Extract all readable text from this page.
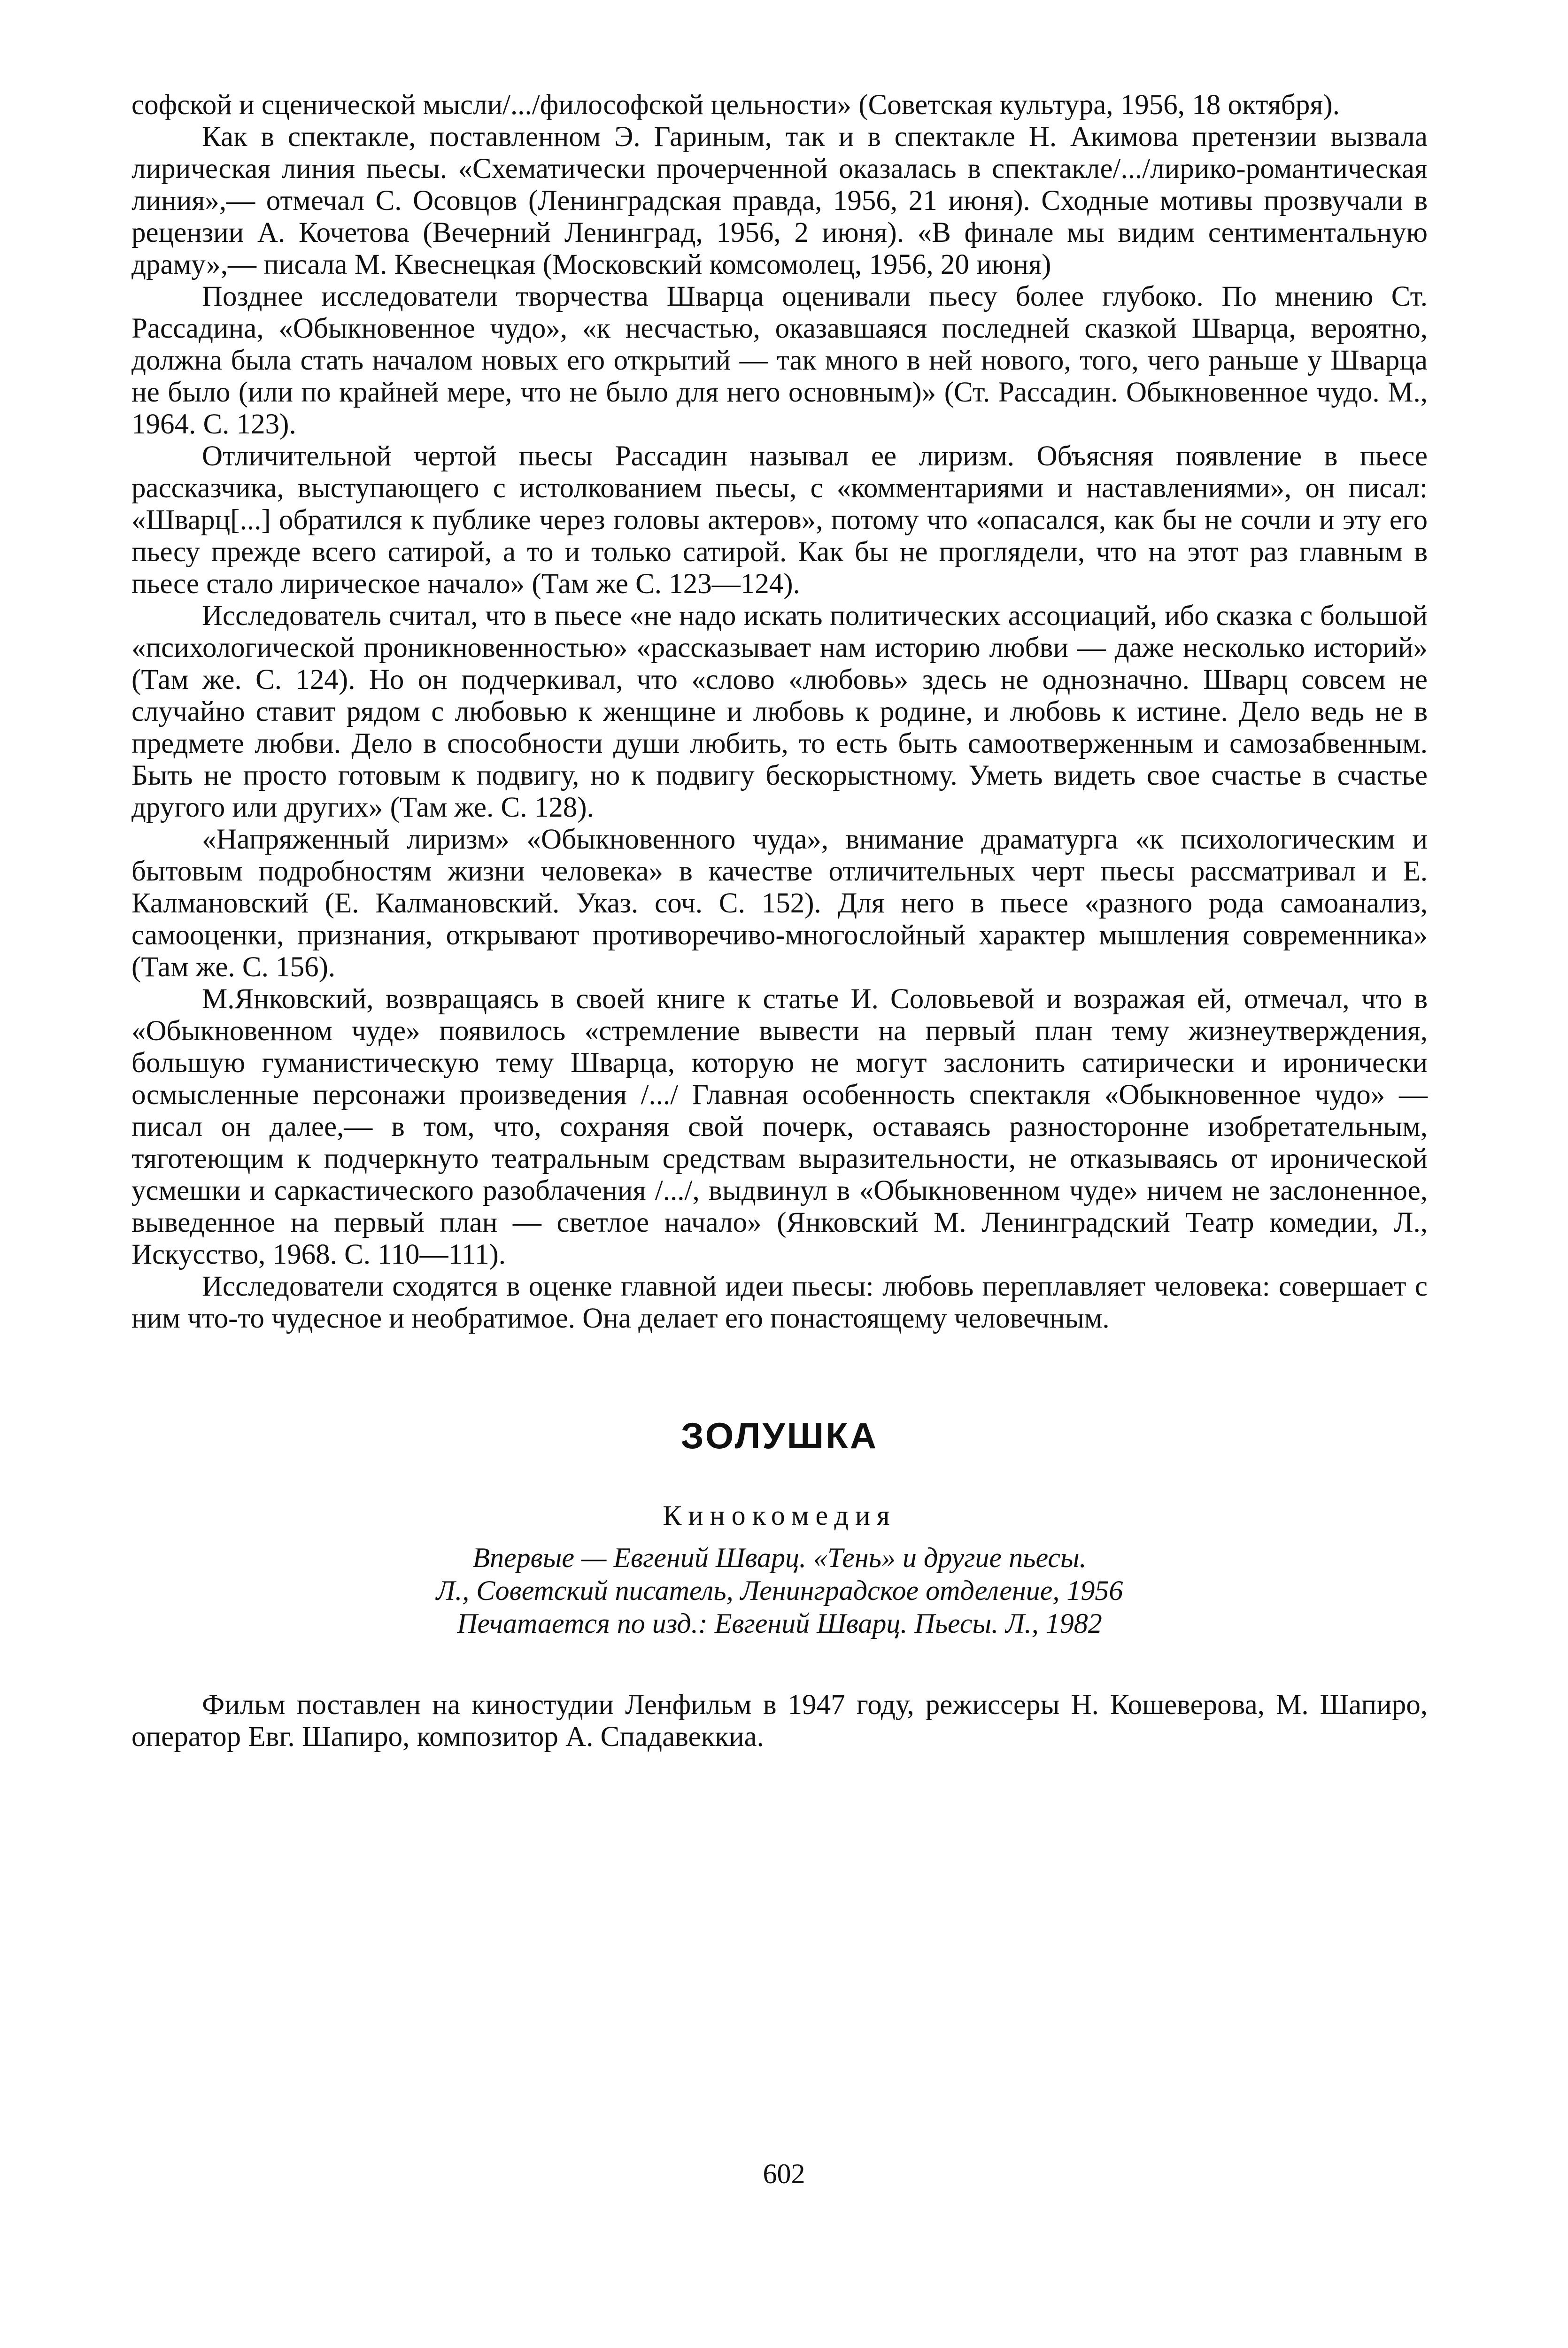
софской и сценической мысли/.../философской цельности» (Советская культура, 1956, 18 октября).

Как в спектакле, поставленном Э. Гариным, так и в спектакле Н. Акимова претензии вызвала лирическая линия пьесы. «Схематически прочерченной оказалась в спектакле/.../лирико-романтическая линия»,— отмечал С. Осовцов (Ленинградская правда, 1956, 21 июня). Сходные мотивы прозвучали в рецензии А. Кочетова (Вечерний Ленинград, 1956, 2 июня). «В финале мы видим сентиментальную драму»,— писала М. Квеснецкая (Московский комсомолец, 1956, 20 июня)

Позднее исследователи творчества Шварца оценивали пьесу более глубоко. По мнению Ст. Рассадина, «Обыкновенное чудо», «к несчастью, оказавшаяся последней сказкой Шварца, вероятно, должна была стать началом новых его открытий — так много в ней нового, того, чего раньше у Шварца не было (или по крайней мере, что не было для него основным)» (Ст. Рассадин. Обыкновенное чудо. М., 1964. С. 123).

Отличительной чертой пьесы Рассадин называл ее лиризм. Объясняя появление в пьесе рассказчика, выступающего с истолкованием пьесы, с «комментариями и наставлениями», он писал: «Шварц[...] обратился к публике через головы актеров», потому что «опасался, как бы не сочли и эту его пьесу прежде всего сатирой, а то и только сатирой. Как бы не проглядели, что на этот раз главным в пьесе стало лирическое начало» (Там же С. 123—124).

Исследователь считал, что в пьесе «не надо искать политических ассоциаций, ибо сказка с большой «психологической проникновенностью» «рассказывает нам историю любви — даже несколько историй» (Там же. С. 124). Но он подчеркивал, что «слово «любовь» здесь не однозначно. Шварц совсем не случайно ставит рядом с любовью к женщине и любовь к родине, и любовь к истине. Дело ведь не в предмете любви. Дело в способности души любить, то есть быть самоотверженным и самозабвенным. Быть не просто готовым к подвигу, но к подвигу бескорыстному. Уметь видеть свое счастье в счастье другого или других» (Там же. С. 128).

«Напряженный лиризм» «Обыкновенного чуда», внимание драматурга «к психологическим и бытовым подробностям жизни человека» в качестве отличительных черт пьесы рассматривал и Е. Калмановский (Е. Калмановский. Указ. соч. С. 152). Для него в пьесе «разного рода самоанализ, самооценки, признания, открывают противоречиво-многослойный характер мышления современника» (Там же. С. 156).

М.Янковский, возвращаясь в своей книге к статье И. Соловьевой и возражая ей, отмечал, что в «Обыкновенном чуде» появилось «стремление вывести на первый план тему жизнеутверждения, большую гуманистическую тему Шварца, которую не могут заслонить сатирически и иронически осмысленные персонажи произведения /.../ Главная особенность спектакля «Обыкновенное чудо» — писал он далее,— в том, что, сохраняя свой почерк, оставаясь разносторонне изобретательным, тяготеющим к подчеркнуто театральным средствам выразительности, не отказываясь от иронической усмешки и саркастического разоблачения /.../, выдвинул в «Обыкновенном чуде» ничем не заслоненное, выведенное на первый план — светлое начало» (Янковский М. Ленинградский Театр комедии, Л., Искусство, 1968. С. 110—111).

Исследователи сходятся в оценке главной идеи пьесы: любовь переплавляет человека: совершает с ним что-то чудесное и необратимое. Она делает его понастоящему человечным.

ЗОЛУШКА
Кинокомедия
Впервые — Евгений Шварц. «Тень» и другие пьесы.
Л., Советский писатель, Ленинградское отделение, 1956
Печатается по изд.: Евгений Шварц. Пьесы. Л., 1982

Фильм поставлен на киностудии Ленфильм в 1947 году, режиссеры Н. Кошеверова, М. Шапиро, оператор Евг. Шапиро, композитор А. Спадавеккиа.

602
